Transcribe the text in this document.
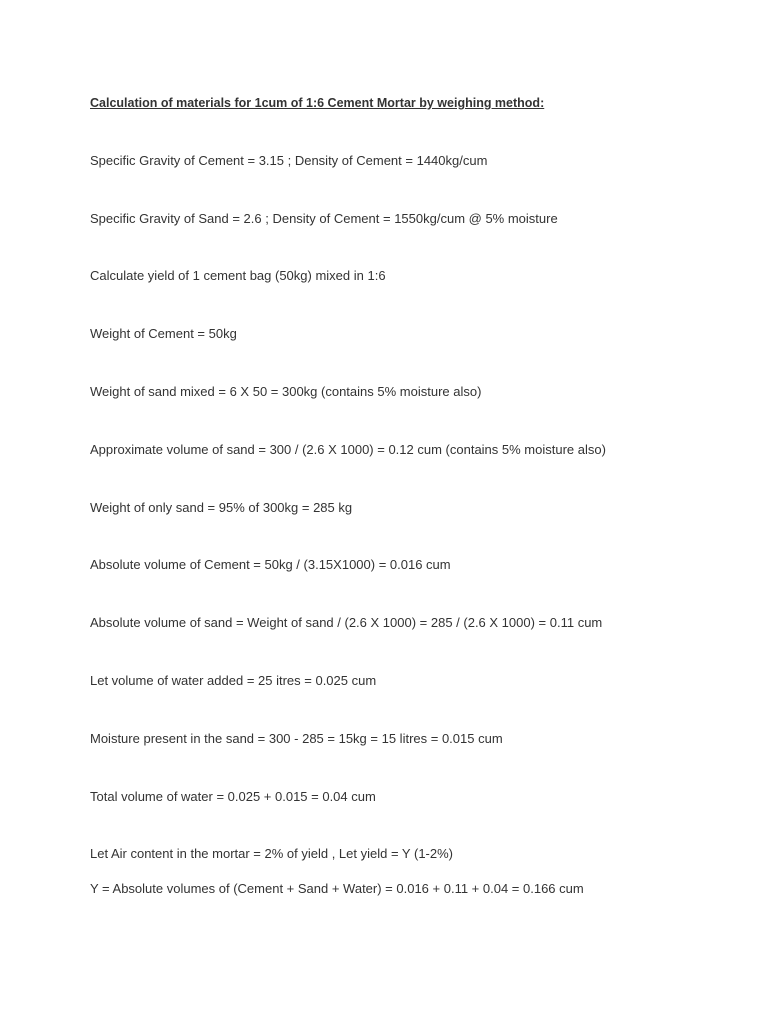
Calculation of materials for 1cum of 1:6 Cement Mortar by weighing method:

Specific Gravity of Cement = 3.15 ; Density of Cement = 1440kg/cum

Specific Gravity of Sand = 2.6 ; Density of Cement = 1550kg/cum @ 5% moisture

Calculate yield of 1 cement bag (50kg) mixed in 1:6

Weight of Cement = 50kg

Weight of sand mixed = 6 X 50 = 300kg (contains 5% moisture also)

Approximate volume of sand = 300 / (2.6 X 1000) = 0.12 cum (contains 5% moisture also)

Weight of only sand = 95% of 300kg = 285 kg

Absolute volume of Cement = 50kg / (3.15X1000) = 0.016 cum

Absolute volume of sand = Weight of sand / (2.6 X 1000) = 285 / (2.6 X 1000) = 0.11 cum

Let volume of water added = 25 itres = 0.025 cum

Moisture present in the sand = 300 - 285 = 15kg = 15 litres = 0.015 cum

Total volume of water = 0.025 + 0.015 = 0.04 cum

Let Air content in the mortar = 2% of yield , Let yield = Y (1-2%)

Y = Absolute volumes of (Cement + Sand + Water) = 0.016 + 0.11 + 0.04 = 0.166 cum
